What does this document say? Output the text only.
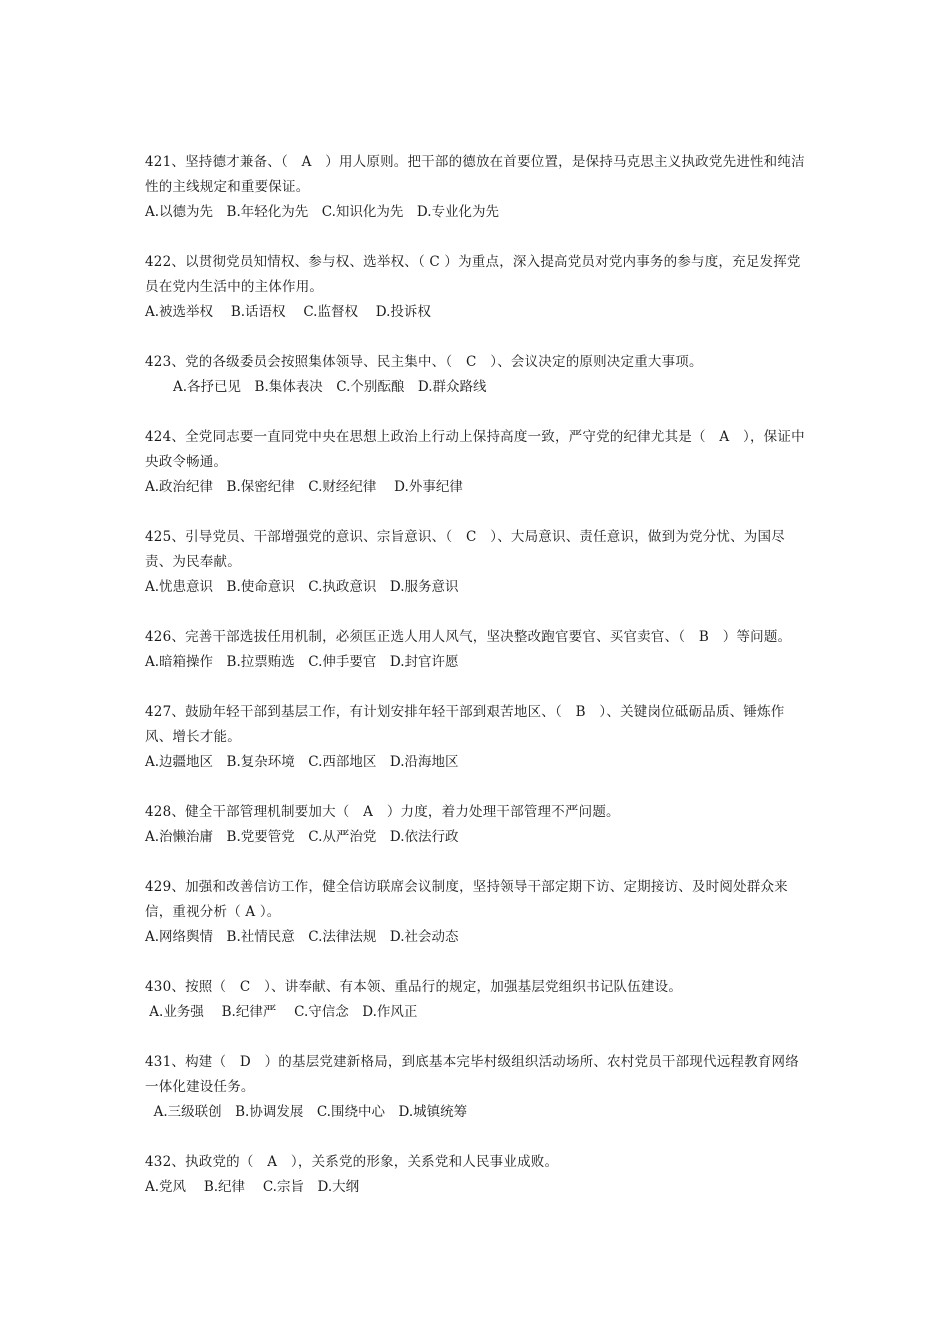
421、坚持德才兼备、（　A　）用人原则。把干部的德放在首要位置，是保持马克思主义执政党先进性和纯洁性的主线规定和重要保证。

A.以德为先　B.年轻化为先　C.知识化为先　D.专业化为先

422、以贯彻党员知情权、参与权、选举权、（ C ）为重点，深入提高党员对党内事务的参与度，充足发挥党员在党内生活中的主体作用。

A.被选举权　 B.话语权　 C.监督权　 D.投诉权

423、党的各级委员会按照集体领导、民主集中、（　C　）、会议决定的原则决定重大事项。

A.各抒已见　B.集体表决　C.个别酝酿　D.群众路线

424、全党同志要一直同党中央在思想上政治上行动上保持高度一致，严守党的纪律尤其是（　A　），保证中央政令畅通。

A.政治纪律　B.保密纪律　C.财经纪律　 D.外事纪律

425、引导党员、干部增强党的意识、宗旨意识、（　C　）、大局意识、责任意识，做到为党分忧、为国尽责、为民奉献。

A.忧患意识　B.使命意识　C.执政意识　D.服务意识

426、完善干部选拔任用机制，必须匡正选人用人风气，坚决整改跑官要官、买官卖官、（　B　）等问题。

A.暗箱操作　B.拉票贿选　C.伸手要官　D.封官许愿

427、鼓励年轻干部到基层工作，有计划安排年轻干部到艰苦地区、（　B　）、关键岗位砥砺品质、锤炼作风、增长才能。

A.边疆地区　B.复杂环境　C.西部地区　D.沿海地区

428、健全干部管理机制要加大（　A　）力度，着力处理干部管理不严问题。

A.治懒治庸　B.党要管党　C.从严治党　D.依法行政

429、加强和改善信访工作，健全信访联席会议制度，坚持领导干部定期下访、定期接访、及时阅处群众来信，重视分析（ A ）。

A.网络舆情　B.社情民意　C.法律法规　D.社会动态

430、按照（　C　）、讲奉献、有本领、重品行的规定，加强基层党组织书记队伍建设。

A.业务强　 B.纪律严　 C.守信念　D.作风正

431、构建（　D　）的基层党建新格局，到底基本完毕村级组织活动场所、农村党员干部现代远程教育网络一体化建设任务。

A.三级联创　B.协调发展　C.围绕中心　D.城镇统筹

432、执政党的（　A　），关系党的形象，关系党和人民事业成败。

A.党风　 B.纪律　 C.宗旨　D.大纲
